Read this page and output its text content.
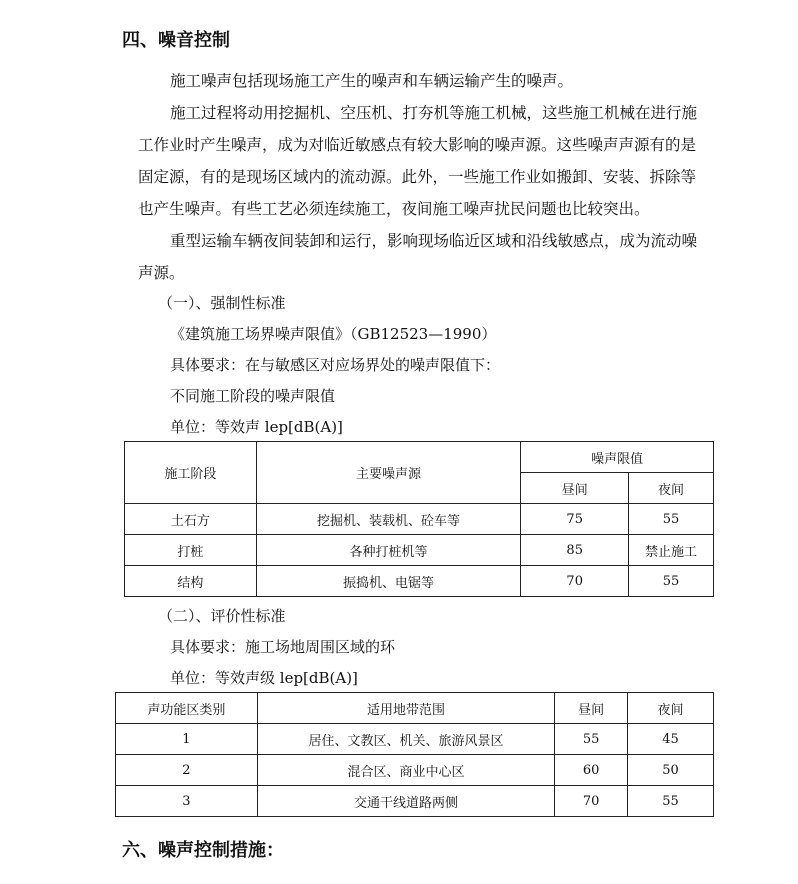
四、噪音控制
施工噪声包括现场施工产生的噪声和车辆运输产生的噪声。
施工过程将动用挖掘机、空压机、打夯机等施工机械，这些施工机械在进行施
工作业时产生噪声，成为对临近敏感点有较大影响的噪声源。这些噪声声源有的是
固定源，有的是现场区域内的流动源。此外，一些施工作业如搬卸、安装、拆除等
也产生噪声。有些工艺必须连续施工，夜间施工噪声扰民问题也比较突出。
重型运输车辆夜间装卸和运行，影响现场临近区域和沿线敏感点，成为流动噪
声源。
（一）、强制性标准
《建筑施工场界噪声限值》（GB12523—1990）
具体要求：在与敏感区对应场界处的噪声限值下：
不同施工阶段的噪声限值
单位：等效声 lep[dB(A)]
施工阶段	主要噪声源	噪声限值	
		昼间	夜间
土石方	挖掘机、装载机、砼车等	75	55
打桩	各种打桩机等	85	禁止施工
结构	振捣机、电锯等	70	55
（二）、评价性标准
具体要求：施工场地周围区域的环
单位：等效声级 lep[dB(A)]
声功能区类别	适用地带范围	昼间	夜间
1	居住、文教区、机关、旅游风景区	55	45
2	混合区、商业中心区	60	50
3	交通干线道路两侧	70	55
六、噪声控制措施：
